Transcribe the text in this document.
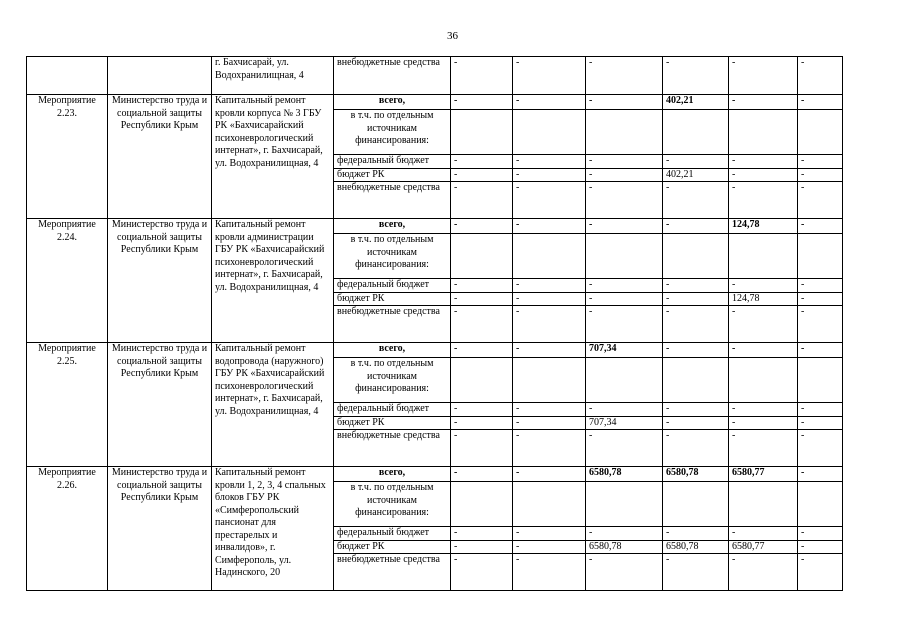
36
		г. Бахчисарай, ул. Водохранилищная, 4	внебюджетные средства	-	-	-	-	-	-
Мероприятие 2.23.	Министерство труда и социальной защиты Республики Крым	Капитальный ремонт кровли корпуса № 3 ГБУ РК «Бахчисарайский психоневрологический интернат», г. Бахчисарай, ул. Водохранилищная, 4	всего,	-	-	-	402,21	-	-
			в т.ч. по отдельным источникам финансирования:						
			федеральный бюджет	-	-	-	-	-	-
			бюджет РК	-	-	-	402,21	-	-
			внебюджетные средства	-	-	-	-	-	-
Мероприятие 2.24.	Министерство труда и социальной защиты Республики Крым	Капитальный ремонт кровли администрации ГБУ РК «Бахчисарайский психоневрологический интернат», г. Бахчисарай, ул. Водохранилищная, 4	всего,	-	-	-	-	124,78	-
			в т.ч. по отдельным источникам финансирования:						
			федеральный бюджет	-	-	-	-	-	-
			бюджет РК	-	-	-	-	124,78	-
			внебюджетные средства	-	-	-	-	-	-
Мероприятие 2.25.	Министерство труда и социальной защиты Республики Крым	Капитальный ремонт водопровода (наружного) ГБУ РК «Бахчисарайский психоневрологический интернат», г. Бахчисарай, ул. Водохранилищная, 4	всего,	-	-	707,34	-	-	-
			в т.ч. по отдельным источникам финансирования:						
			федеральный бюджет	-	-	-	-	-	-
			бюджет РК	-	-	707,34	-	-	-
			внебюджетные средства	-	-	-	-	-	-
Мероприятие 2.26.	Министерство труда и социальной защиты Республики Крым	Капитальный ремонт кровли 1, 2, 3, 4 спальных блоков ГБУ РК «Симферопольский пансионат для престарелых и инвалидов», г. Симферополь, ул. Надинского, 20	всего,	-	-	6580,78	6580,78	6580,77	-
			в т.ч. по отдельным источникам финансирования:						
			федеральный бюджет	-	-	-	-	-	-
			бюджет РК	-	-	6580,78	6580,78	6580,77	-
			внебюджетные средства	-	-	-	-	-	-
